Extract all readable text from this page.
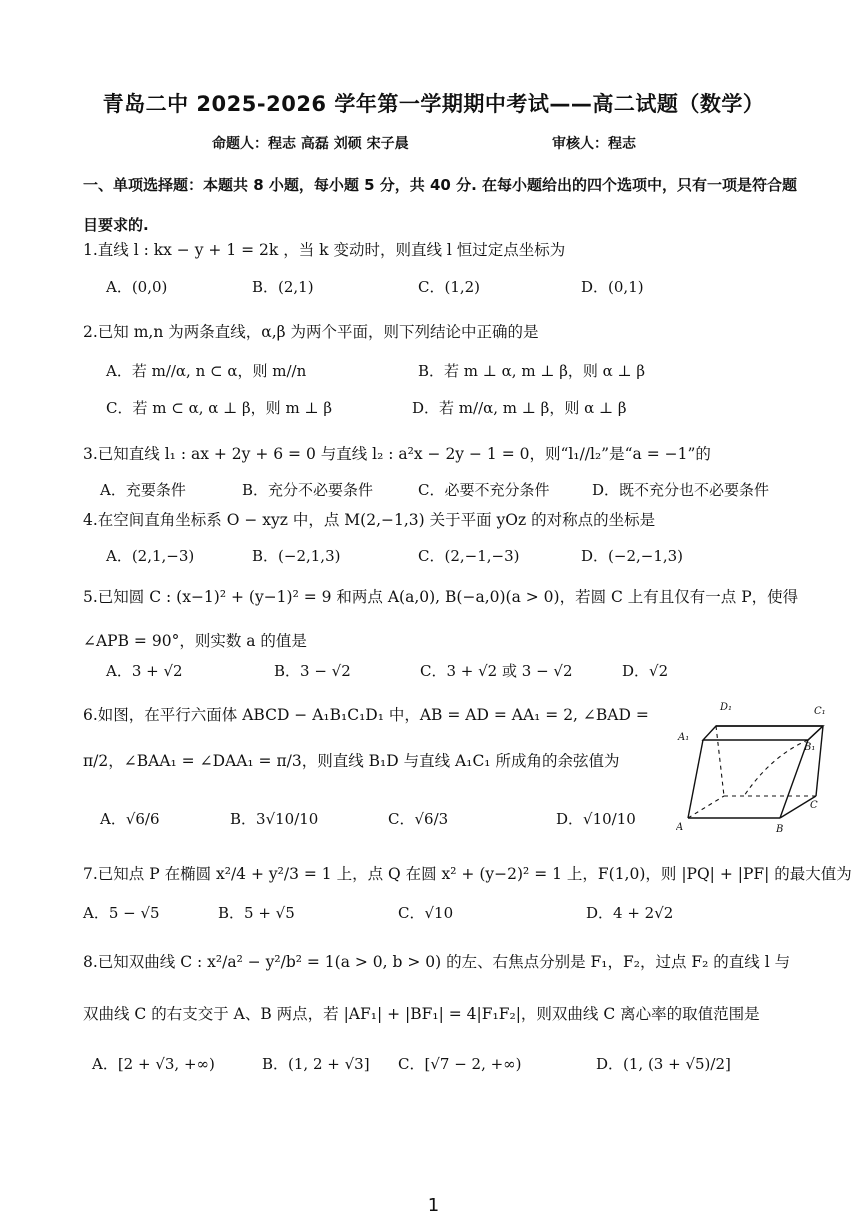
青岛二中 2025-2026 学年第一学期期中考试——高二试题（数学）
命题人：程志 高磊 刘硕 宋子晨	审核人：程志
一、单项选择题：本题共 8 小题，每小题 5 分，共 40 分. 在每小题给出的四个选项中，只有一项是符合题目要求的.
1.直线 l : kx − y + 1 = 2k ，当 k 变动时，则直线 l 恒过定点坐标为
A．(0,0)	B．(2,1)	C．(1,2)	D．(0,1)
2.已知 m,n 为两条直线，α,β 为两个平面，则下列结论中正确的是
A．若 m//α, n ⊂ α，则 m//n	B．若 m ⊥ α, m ⊥ β，则 α ⊥ β
C．若 m ⊂ α, α ⊥ β，则 m ⊥ β	D．若 m//α, m ⊥ β，则 α ⊥ β
3.已知直线 l₁ : ax + 2y + 6 = 0 与直线 l₂ : a²x − 2y − 1 = 0，则“l₁//l₂”是“a = −1”的
A．充要条件	B．充分不必要条件	C．必要不充分条件	D．既不充分也不必要条件
4.在空间直角坐标系 O − xyz 中，点 M(2,−1,3) 关于平面 yOz 的对称点的坐标是
A．(2,1,−3)	B．(−2,1,3)	C．(2,−1,−3)	D．(−2,−1,3)
5.已知圆 C : (x−1)² + (y−1)² = 9 和两点 A(a,0), B(−a,0)(a > 0)，若圆 C 上有且仅有一点 P，使得 ∠APB = 90°，则实数 a 的值是
A．3 + √2	B．3 − √2	C．3 + √2 或 3 − √2	D．√2
6.如图，在平行六面体 ABCD − A₁B₁C₁D₁ 中，AB = AD = AA₁ = 2, ∠BAD = π/2，∠BAA₁ = ∠DAA₁ = π/3，则直线 B₁D 与直线 A₁C₁ 所成角的余弦值为
A．√6/6	B．3√10/10	C．√6/3	D．√10/10
D₁	C₁
A₁
B₁
A	B
C
7.已知点 P 在椭圆 x²/4 + y²/3 = 1 上，点 Q 在圆 x² + (y−2)² = 1 上，F(1,0)，则 |PQ| + |PF| 的最大值为
A．5 − √5	B．5 + √5	C．√10	D．4 + 2√2
8.已知双曲线 C : x²/a² − y²/b² = 1(a > 0, b > 0) 的左、右焦点分别是 F₁，F₂，过点 F₂ 的直线 l 与双曲线 C 的右支交于 A、B 两点，若 |AF₁| + |BF₁| = 4|F₁F₂|，则双曲线 C 离心率的取值范围是
A．[2 + √3, +∞)	B．(1, 2 + √3] C．[√7 − 2, +∞)	D．(1, (3 + √5)/2]
1
